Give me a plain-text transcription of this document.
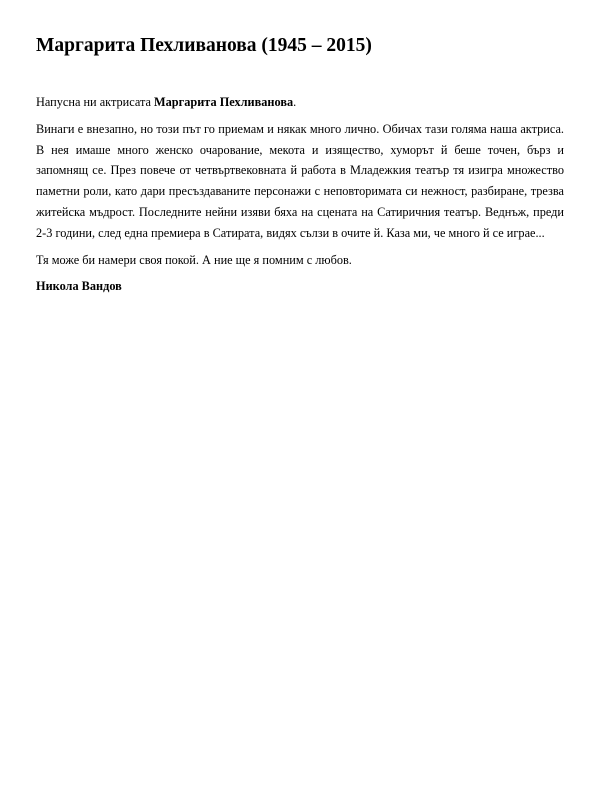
Маргарита Пехливанова (1945 – 2015)

Напусна ни актрисата Маргарита Пехливанова.

Винаги е внезапно, но този път го приемам и някак много лично. Обичах тази голяма наша актриса. В нея имаше много женско очарование, мекота и изящество, хуморът й беше точен, бърз и запомнящ се. През повече от четвъртвековната й работа в Младежкия театър тя изигра множество паметни роли, като дари пресъздаваните персонажи с неповторимата си нежност, разбиране, трезва житейска мъдрост. Последните нейни изяви бяха на сцената на Сатиричния театър. Веднъж, преди 2-3 години, след една премиера в Сатирата, видях сълзи в очите й. Каза ми, че много й се играе...

Тя може би намери своя покой. А ние ще я помним с любов.

Никола Вандов
